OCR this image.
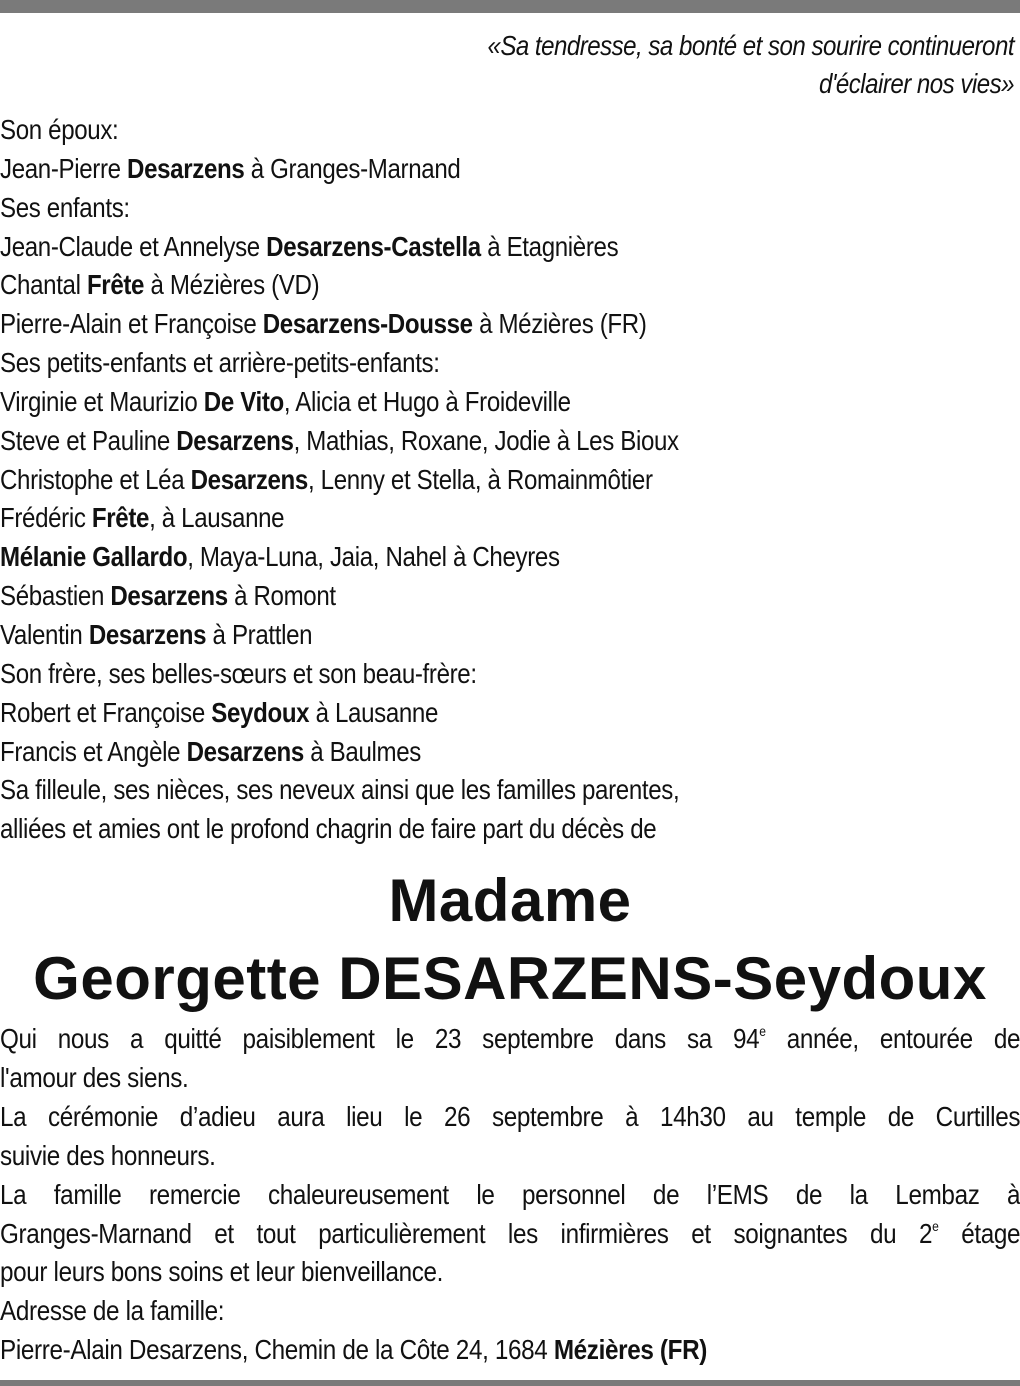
«Sa tendresse, sa bonté et son sourire continueront
d'éclairer nos vies»
Son époux:
Jean-Pierre Desarzens à Granges-Marnand
Ses enfants:
Jean-Claude et Annelyse Desarzens-Castella à Etagnières
Chantal Frête à Mézières (VD)
Pierre-Alain et Françoise Desarzens-Dousse à Mézières (FR)
Ses petits-enfants et arrière-petits-enfants:
Virginie et Maurizio De Vito, Alicia et Hugo à Froideville
Steve et Pauline Desarzens, Mathias, Roxane, Jodie à Les Bioux
Christophe et Léa Desarzens, Lenny et Stella, à Romainmôtier
Frédéric Frête, à Lausanne
Mélanie Gallardo, Maya-Luna, Jaia, Nahel à Cheyres
Sébastien Desarzens à Romont
Valentin Desarzens à Prattlen
Son frère, ses belles-sœurs et son beau-frère:
Robert et Françoise Seydoux à Lausanne
Francis et Angèle Desarzens à Baulmes
Sa filleule, ses nièces, ses neveux ainsi que les familles parentes,
alliées et amies ont le profond chagrin de faire part du décès de
Madame
Georgette DESARZENS-Seydoux
Qui nous a quitté paisiblement le 23 septembre dans sa 94e année, entourée de
l'amour des siens.
La cérémonie d’adieu aura lieu le 26 septembre à 14h30 au temple de Curtilles
suivie des honneurs.
La famille remercie chaleureusement le personnel de l’EMS de la Lembaz à
Granges-Marnand et tout particulièrement les infirmières et soignantes du 2e étage
pour leurs bons soins et leur bienveillance.
Adresse de la famille:
Pierre-Alain Desarzens, Chemin de la Côte 24, 1684 Mézières (FR)
